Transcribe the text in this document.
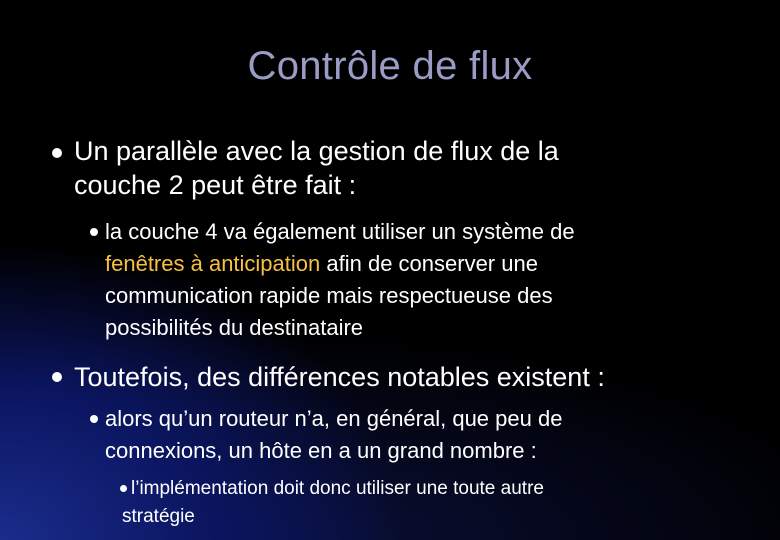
Contrôle de flux
Un parallèle avec la gestion de flux de la
couche 2 peut être fait :
la couche 4 va également utiliser un système de
fenêtres à anticipation afin de conserver une
communication rapide mais respectueuse des
possibilités du destinataire
Toutefois, des différences notables existent :
alors qu’un routeur n’a, en général, que peu de
connexions, un hôte en a un grand nombre :
l’implémentation doit donc utiliser une toute autre
stratégie
